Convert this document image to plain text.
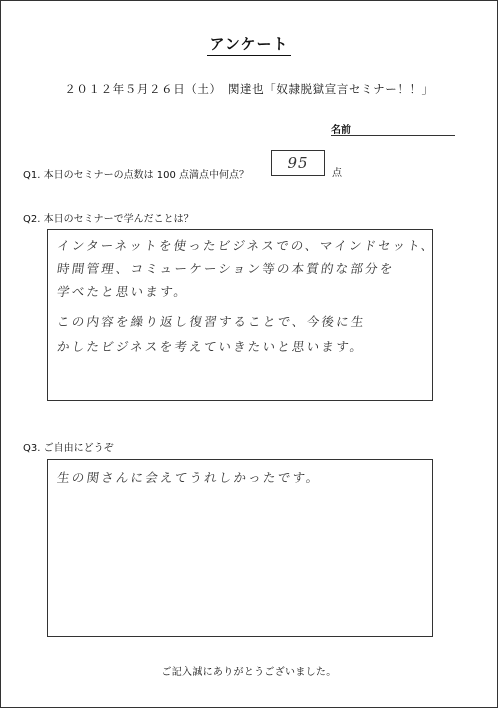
アンケート
２０１２年５月２６日（土）　関達也「奴隷脱獄宣言セミナー！！」
名前
Q1. 本日のセミナーの点数は 100 点満点中何点？
95
点
Q2. 本日のセミナーで学んだことは？
インターネットを使ったビジネスでの、マインドセット、
時間管理、コミューケーション等の本質的な部分を
学べたと思います。
この内容を繰り返し復習することで、今後に生
かしたビジネスを考えていきたいと思います。
Q3. ご自由にどうぞ
生の関さんに会えてうれしかったです。
ご記入誠にありがとうございました。
